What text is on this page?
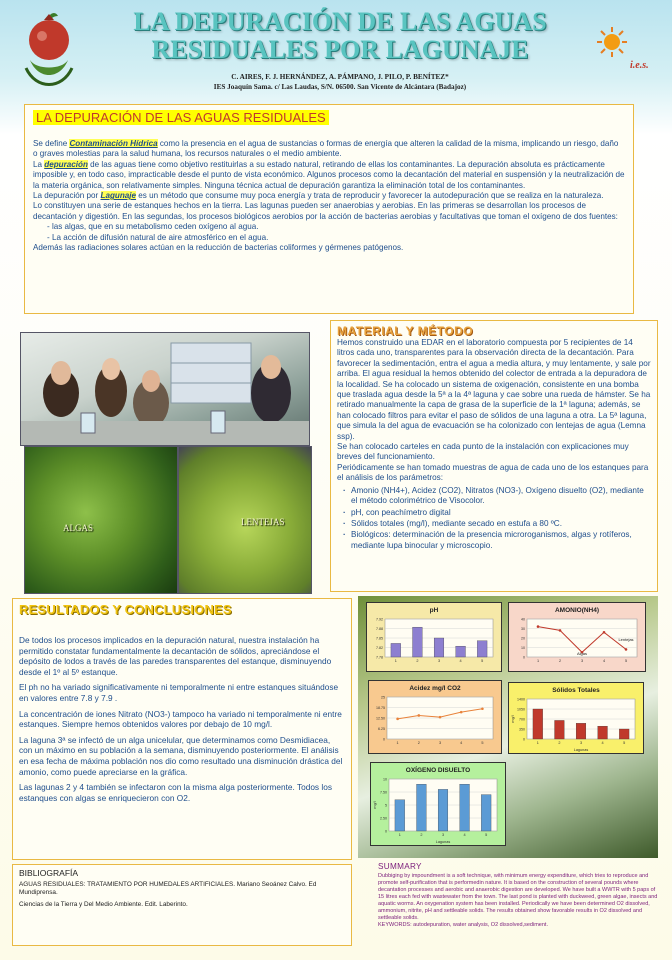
LA DEPURACIÓN DE LAS AGUAS
RESIDUALES POR LAGUNAJE
C. AIRES, F. J. HERNÁNDEZ, A. PÁMPANO, J. PILO, P. BENÍTEZ*
IES Joaquín Sama. c/ Las Laudas, S/N. 06500. San Vicente de Alcántara (Badajoz)
i.e.s.
LA DEPURACIÓN DE LAS AGUAS RESIDUALES

Se define Contaminación Hídrica como la presencia en el agua de sustancias o formas de energía que alteren la calidad de la misma, implicando un riesgo, daño o graves molestias para la salud humana, los recursos naturales o el medio ambiente.

La depuración de las aguas tiene como objetivo restituirlas a su estado natural, retirando de ellas los contaminantes. La depuración absoluta es prácticamente imposible y, en todo caso, impracticable desde el punto de vista económico. Algunos procesos como la decantación del material en suspensión y la neutralización de la materia orgánica, son relativamente simples. Ninguna técnica actual de depuración garantiza la eliminación total de los contaminantes.

La depuración por Lagunaje es un método que consume muy poca energía y trata de reproducir y favorecer la autodepuración que se realiza en la naturaleza.

Lo constituyen una serie de estanques hechos en la tierra. Las lagunas pueden ser anaerobias y aerobias. En las primeras se desarrollan los procesos de decantación y digestión. En las segundas, los procesos biológicos aerobios por la acción de bacterias aerobias y facultativas que toman el oxígeno de dos fuentes:

- las algas, que en su metabolismo ceden oxígeno al agua.
- La acción de difusión natural de aire atmosférico en el agua.

Además las radiaciones solares actúan en la reducción de bacterias coliformes y gérmenes patógenos.

ALGAS
LENTEJAS
MATERIAL Y MÉTODO

Hemos construido una EDAR en el laboratorio compuesta por 5 recipientes de 14 litros cada uno, transparentes para la observación directa de la decantación. Para favorecer la sedimentación, entra el agua a media altura, y muy lentamente, y sale por arriba. El agua residual la hemos obtenido del colector de entrada a la depuradora de la localidad. Se ha colocado un sistema de oxigenación, consistente en una bomba que traslada agua desde la 5ª a la 4ª laguna y cae sobre una rueda de hámster. Se ha retirado manualmente la capa de grasa de la superficie de la 1ª laguna; además, se han colocado filtros para evitar el paso de sólidos de una laguna a otra. La 5ª laguna, que simula la del agua de evacuación se ha colonizado con lentejas de agua (Lemna ssp).

Se han colocado carteles en cada punto de la instalación con explicaciones muy breves del funcionamiento.

Periódicamente se han tomado muestras de agua de cada uno de los estanques para el análisis de los parámetros:

· Amonio (NH4+), Acidez (CO2), Nitratos (NO3-), Oxígeno disuelto (O2), mediante el método colorimétrico de Visocolor.
· pH, con peachímetro digital
· Sólidos totales (mg/l), mediante secado en estufa a 80 ºC.
· Biológicos: determinación de la presencia microroganismos, algas y rotíferos, mediante lupa binocular y microscopio.
RESULTADOS Y CONCLUSIONES

De todos los procesos implicados en la depuración natural, nuestra instalación ha permitido constatar fundamentalmente la decantación de sólidos, apreciándose el depósito de lodos a través de las paredes transparentes del estanque, disminuyendo desde el 1º al 5º estanque.

El ph no ha variado significativamente ni temporalmente ni entre estanques situándose en valores entre 7.8 y 7.9 .

La concentración de iones Nitrato (NO3-) tampoco ha variado ni temporalmente ni entre estanques. Siempre hemos obtenidos valores por debajo de 10 mg/l.

La laguna 3ª se infectó de un alga unicelular, que determinamos como Desmidiacea, con un máximo en su población a la semana, disminuyendo posteriormente. El análisis en esa fecha de máxima población nos dio como resultado una disminución drástica del amonio, como puede apreciarse en la gráfica.

Las lagunas 2 y 4 también se infectaron con la misma alga posteriormente. Todos los estanques con algas se enriquecieron con O2.

BIBLIOGRAFÍA
AGUAS RESIDUALES: TRATAMIENTO POR HUMEDALES ARTIFICIALES. Mariano Seoánez Calvo. Ed Mundiprensa.
Ciencias de la Tierra y Del Medio Ambiente. Edit. Laberinto.
pH
7.78
7.82
7.85
7.88
7.92
1	2	3	4	5
AMONIO(NH4)
0
10
20
30
40
1	2	3	4	5
Algas
Lentejas
Acidez mg/l CO2
0
6.25
12.50
18.75
25
1	2	3	4	5
Sólidos Totales
0
350
700
1050
1400
1	2	3	4	5
Lagunas
mg/l
OXÍGENO DISUELTO
0
2.50
5
7.50
10
1	2	3	4	5
Lagunas
mg/l
SUMMARY
Dubbiging by impoundment is a soft technique, with minimum energy expenditure, which tries to reproduce and promote self-purification that is performedin nature. It is based on the construction of several pounds where decantation processes and aerobic and anaerobic digestion are developed. We have built a WWTR with 5 paps of 15 litres each fed with wastewater from the town. The last pond is planted with duckweed, green algae, insects and aquatic worms. An oxygenation system has been installed. Periodically we have been determined O2 dissolved, ammonium, nitrite, pH and settleable solids. The results obtained show favorable results in O2 dissolved and settleable solids.
KEYWORDS: autodepuration, water analysis, O2 dissolved,sediment.
